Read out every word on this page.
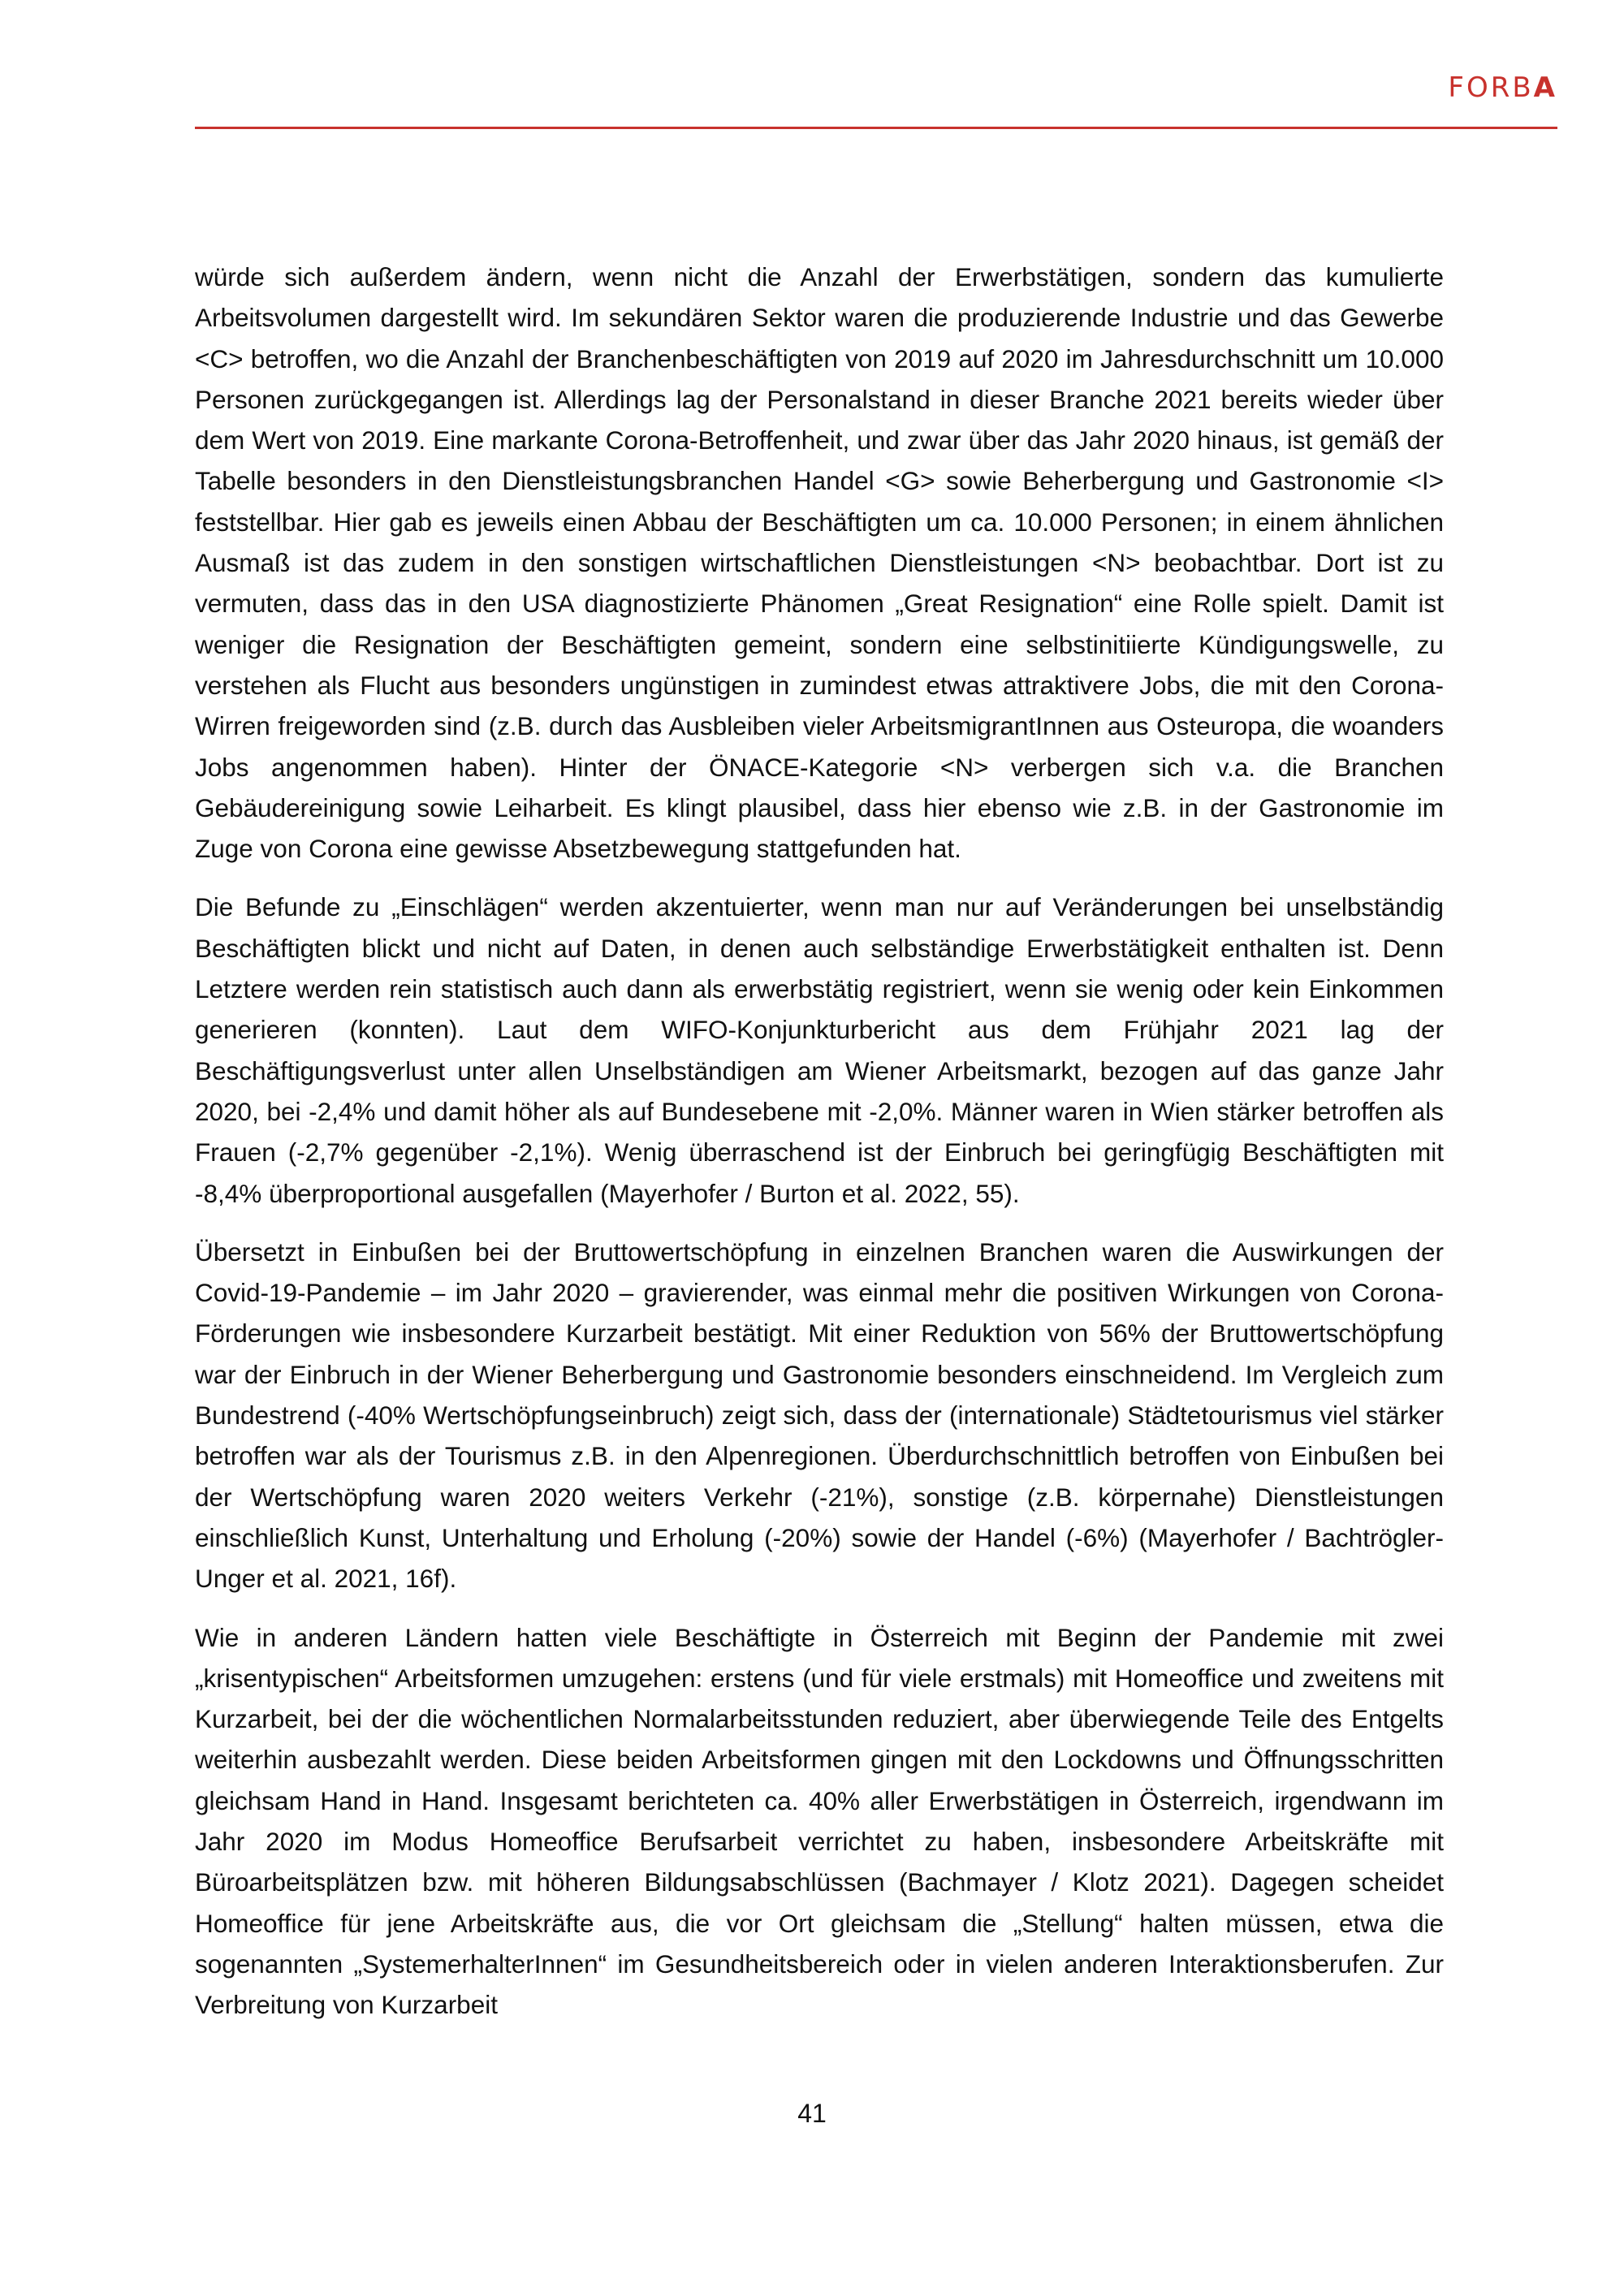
FORBA

würde sich außerdem ändern, wenn nicht die Anzahl der Erwerbstätigen, sondern das kumulierte Arbeitsvolumen dargestellt wird. Im sekundären Sektor waren die produzierende Industrie und das Gewerbe <C> betroffen, wo die Anzahl der Branchenbeschäftigten von 2019 auf 2020 im Jahresdurchschnitt um 10.000 Personen zurückgegangen ist. Allerdings lag der Personalstand in dieser Branche 2021 bereits wieder über dem Wert von 2019. Eine markante Corona-Betroffenheit, und zwar über das Jahr 2020 hinaus, ist gemäß der Tabelle besonders in den Dienstleistungsbranchen Handel <G> sowie Beherbergung und Gastronomie <I> feststellbar. Hier gab es jeweils einen Abbau der Beschäftigten um ca. 10.000 Personen; in einem ähnlichen Ausmaß ist das zudem in den sonstigen wirtschaftlichen Dienstleistungen <N> beobachtbar. Dort ist zu vermuten, dass das in den USA diagnostizierte Phänomen „Great Resignation“ eine Rolle spielt. Damit ist weniger die Resignation der Beschäftigten gemeint, sondern eine selbstinitiierte Kündigungswelle, zu verstehen als Flucht aus besonders ungünstigen in zumindest etwas attraktivere Jobs, die mit den Corona-Wirren freigeworden sind (z.B. durch das Ausbleiben vieler ArbeitsmigrantInnen aus Osteuropa, die woanders Jobs angenommen haben). Hinter der ÖNACE-Kategorie <N> verbergen sich v.a. die Branchen Gebäudereinigung sowie Leiharbeit. Es klingt plausibel, dass hier ebenso wie z.B. in der Gastronomie im Zuge von Corona eine gewisse Absetzbewegung stattgefunden hat.

Die Befunde zu „Einschlägen“ werden akzentuierter, wenn man nur auf Veränderungen bei unselbständig Beschäftigten blickt und nicht auf Daten, in denen auch selbständige Erwerbstätigkeit enthalten ist. Denn Letztere werden rein statistisch auch dann als erwerbstätig registriert, wenn sie wenig oder kein Einkommen generieren (konnten). Laut dem WIFO-Konjunkturbericht aus dem Frühjahr 2021 lag der Beschäftigungsverlust unter allen Unselbständigen am Wiener Arbeitsmarkt, bezogen auf das ganze Jahr 2020, bei -2,4% und damit höher als auf Bundesebene mit -2,0%. Männer waren in Wien stärker betroffen als Frauen (-2,7% gegenüber -2,1%). Wenig überraschend ist der Einbruch bei geringfügig Beschäftigten mit -8,4% überproportional ausgefallen (Mayerhofer / Burton et al. 2022, 55).

Übersetzt in Einbußen bei der Bruttowertschöpfung in einzelnen Branchen waren die Auswirkungen der Covid-19-Pandemie – im Jahr 2020 – gravierender, was einmal mehr die positiven Wirkungen von Corona-Förderungen wie insbesondere Kurzarbeit bestätigt. Mit einer Reduktion von 56% der Bruttowertschöpfung war der Einbruch in der Wiener Beherbergung und Gastronomie besonders einschneidend. Im Vergleich zum Bundestrend (-40% Wertschöpfungseinbruch) zeigt sich, dass der (internationale) Städtetourismus viel stärker betroffen war als der Tourismus z.B. in den Alpenregionen. Überdurchschnittlich betroffen von Einbußen bei der Wertschöpfung waren 2020 weiters Verkehr (-21%), sonstige (z.B. körpernahe) Dienstleistungen einschließlich Kunst, Unterhaltung und Erholung (-20%) sowie der Handel (-6%) (Mayerhofer / Bachtrögler-Unger et al. 2021, 16f).

Wie in anderen Ländern hatten viele Beschäftigte in Österreich mit Beginn der Pandemie mit zwei „krisentypischen“ Arbeitsformen umzugehen: erstens (und für viele erstmals) mit Homeoffice und zweitens mit Kurzarbeit, bei der die wöchentlichen Normalarbeitsstunden reduziert, aber überwiegende Teile des Entgelts weiterhin ausbezahlt werden. Diese beiden Arbeitsformen gingen mit den Lockdowns und Öffnungsschritten gleichsam Hand in Hand. Insgesamt berichteten ca. 40% aller Erwerbstätigen in Österreich, irgendwann im Jahr 2020 im Modus Homeoffice Berufsarbeit verrichtet zu haben, insbesondere Arbeitskräfte mit Büroarbeitsplätzen bzw. mit höheren Bildungsabschlüssen (Bachmayer / Klotz 2021). Dagegen scheidet Homeoffice für jene Arbeitskräfte aus, die vor Ort gleichsam die „Stellung“ halten müssen, etwa die sogenannten „SystemerhalterInnen“ im Gesundheitsbereich oder in vielen anderen Interaktionsberufen. Zur Verbreitung von Kurzarbeit

41
